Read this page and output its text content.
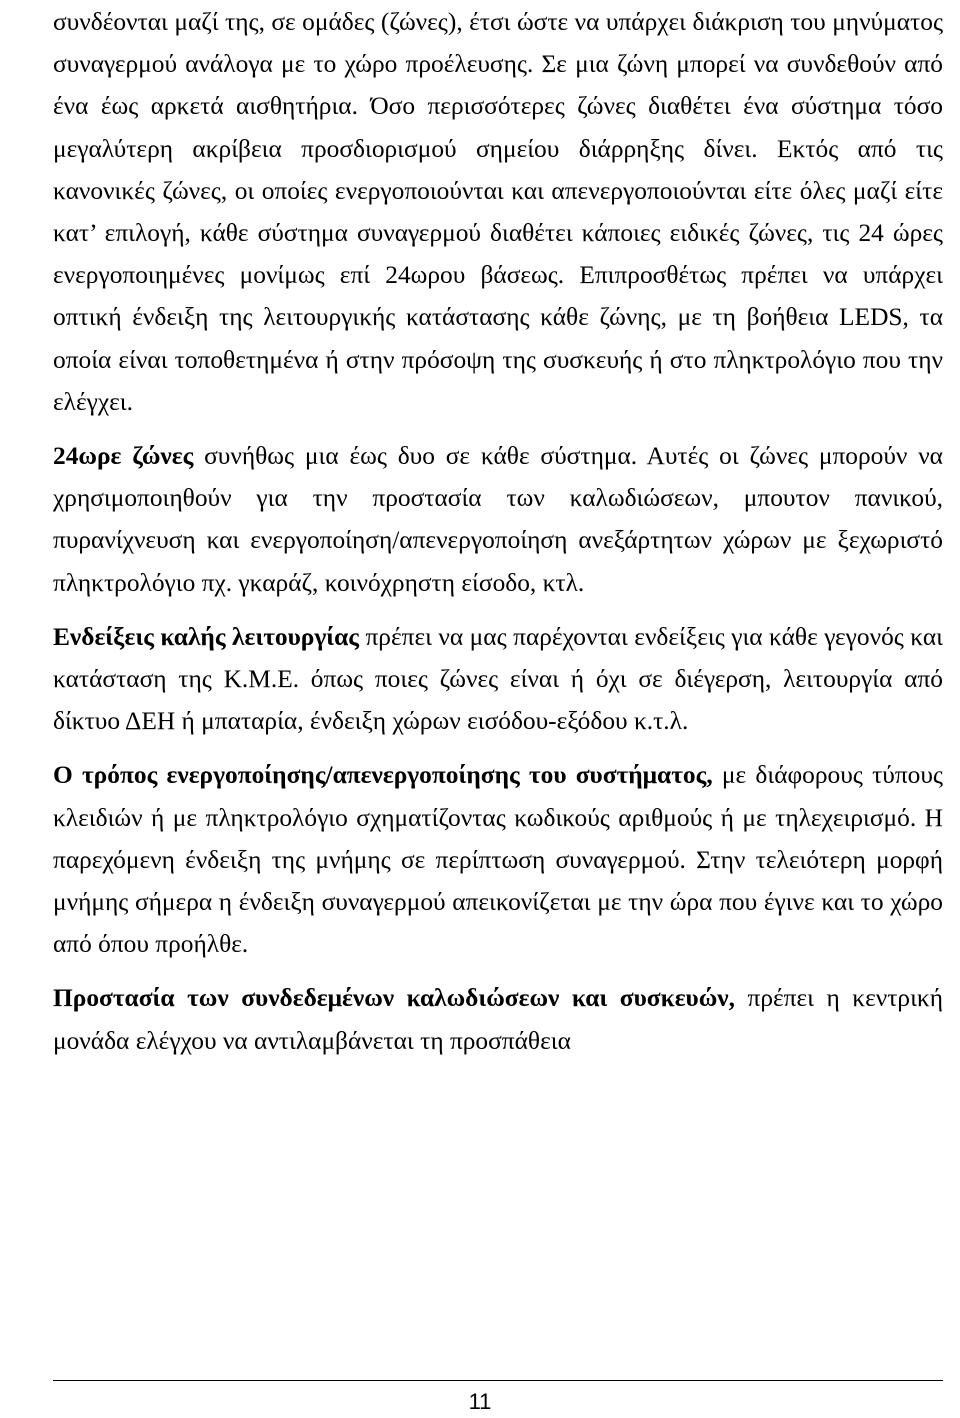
συνδέονται μαζί της, σε ομάδες (ζώνες), έτσι ώστε να υπάρχει διάκριση του μηνύματος συναγερμού ανάλογα με το χώρο προέλευσης. Σε μια ζώνη μπορεί να συνδεθούν από ένα έως αρκετά αισθητήρια. Όσο περισσότερες ζώνες διαθέτει ένα σύστημα τόσο μεγαλύτερη ακρίβεια προσδιορισμού σημείου διάρρηξης δίνει. Εκτός από τις κανονικές ζώνες, οι οποίες ενεργοποιούνται και απενεργοποιούνται είτε όλες μαζί είτε κατ’ επιλογή, κάθε σύστημα συναγερμού διαθέτει κάποιες ειδικές ζώνες, τις 24 ώρες ενεργοποιημένες μονίμως επί 24ωρου βάσεως. Επιπροσθέτως πρέπει να υπάρχει οπτική ένδειξη της λειτουργικής κατάστασης κάθε ζώνης, με τη βοήθεια LEDS, τα οποία είναι τοποθετημένα ή στην πρόσοψη της συσκευής ή στο πληκτρολόγιο που την ελέγχει.

24ωρε ζώνες συνήθως μια έως δυο σε κάθε σύστημα. Αυτές οι ζώνες μπορούν να χρησιμοποιηθούν για την προστασία των καλωδιώσεων, μπουτον πανικού, πυρανίχνευση και ενεργοποίηση/απενεργοποίηση ανεξάρτητων χώρων με ξεχωριστό πληκτρολόγιο πχ. γκαράζ, κοινόχρηστη είσοδο, κτλ.

Ενδείξεις καλής λειτουργίας πρέπει να μας παρέχονται ενδείξεις για κάθε γεγονός και κατάσταση της Κ.Μ.Ε. όπως ποιες ζώνες είναι ή όχι σε διέγερση, λειτουργία από δίκτυο ΔΕΗ ή μπαταρία, ένδειξη χώρων εισόδου-εξόδου κ.τ.λ.

Ο τρόπος ενεργοποίησης/απενεργοποίησης του συστήματος, με διάφορους τύπους κλειδιών ή με πληκτρολόγιο σχηματίζοντας κωδικούς αριθμούς ή με τηλεχειρισμό. Η παρεχόμενη ένδειξη της μνήμης σε περίπτωση συναγερμού. Στην τελειότερη μορφή μνήμης σήμερα η ένδειξη συναγερμού απεικονίζεται με την ώρα που έγινε και το χώρο από όπου προήλθε.

Προστασία των συνδεδεμένων καλωδιώσεων και συσκευών, πρέπει η κεντρική μονάδα ελέγχου να αντιλαμβάνεται τη προσπάθεια

11
